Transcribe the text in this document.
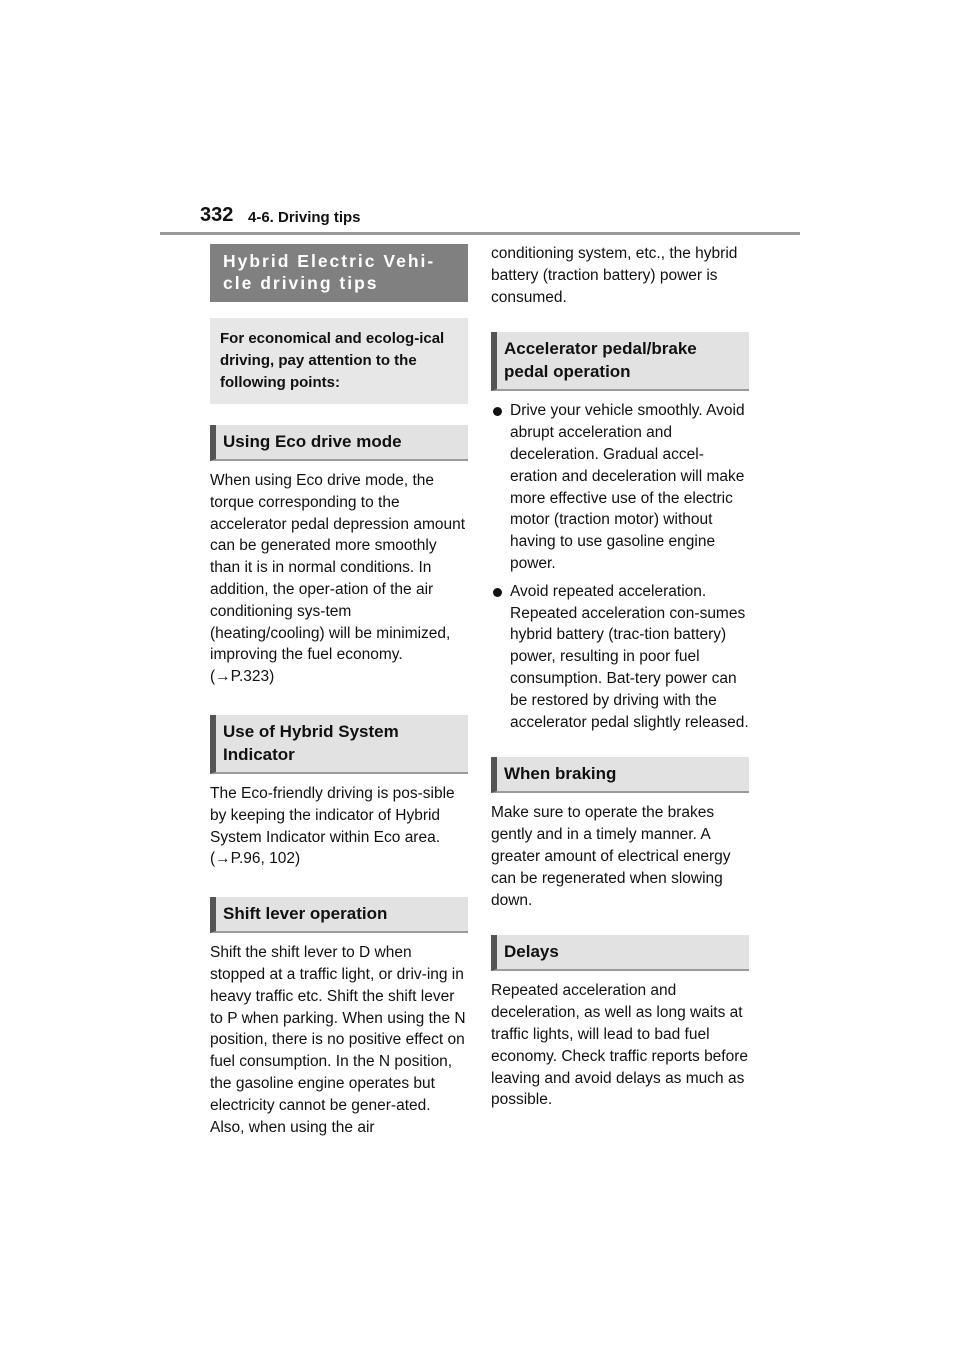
332 4-6. Driving tips
Hybrid Electric Vehi-cle driving tips
For economical and ecolog-ical driving, pay attention to the following points:
Using Eco drive mode

When using Eco drive mode, the torque corresponding to the accelerator pedal depression amount can be generated more smoothly than it is in normal conditions. In addition, the oper-ation of the air conditioning sys-tem (heating/cooling) will be minimized, improving the fuel economy. (→P.323)

Use of Hybrid System Indicator

The Eco-friendly driving is pos-sible by keeping the indicator of Hybrid System Indicator within Eco area. (→P.96, 102)

Shift lever operation

Shift the shift lever to D when stopped at a traffic light, or driv-ing in heavy traffic etc. Shift the shift lever to P when parking. When using the N position, there is no positive effect on fuel consumption. In the N position, the gasoline engine operates but electricity cannot be gener-ated. Also, when using the air

conditioning system, etc., the hybrid battery (traction battery) power is consumed.

Accelerator pedal/brake pedal operation
Drive your vehicle smoothly. Avoid abrupt acceleration and deceleration. Gradual accel-eration and deceleration will make more effective use of the electric motor (traction motor) without having to use gasoline engine power.
Avoid repeated acceleration. Repeated acceleration con-sumes hybrid battery (trac-tion battery) power, resulting in poor fuel consumption. Bat-tery power can be restored by driving with the accelerator pedal slightly released.
When braking

Make sure to operate the brakes gently and in a timely manner. A greater amount of electrical energy can be regenerated when slowing down.

Delays

Repeated acceleration and deceleration, as well as long waits at traffic lights, will lead to bad fuel economy. Check traffic reports before leaving and avoid delays as much as possible.
